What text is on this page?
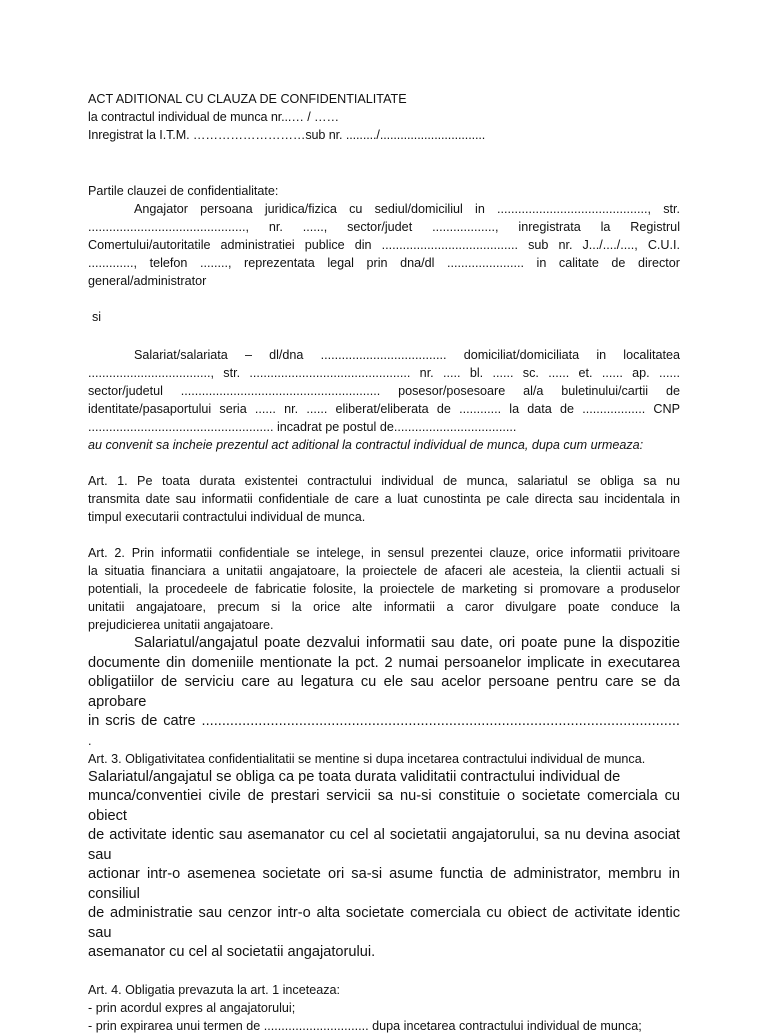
ACT ADITIONAL CU CLAUZA DE CONFIDENTIALITATE
la contractul individual de munca nr...… / ……
Inregistrat la I.T.M. ………………………sub nr. ........./...............................
Partile clauzei de confidentialitate:
Angajator persoana juridica/fizica cu sediul/domiciliul in ..........................................., str.
............................................., nr. ......, sector/judet .................., inregistrata la Registrul
Comertului/autoritatile administratiei publice din ....................................... sub nr. J.../..../...., C.U.I.
............., telefon ........, reprezentata legal prin dna/dl ...................... in calitate de director
general/administrator
si
Salariat/salariata – dl/dna .................................... domiciliat/domiciliata in localitatea
..................................., str. .............................................. nr. ..... bl. ...... sc. ...... et. ...... ap. ......
sector/judetul ......................................................... posesor/posesoare al/a buletinului/cartii de
identitate/pasaportului seria ...... nr. ...... eliberat/eliberata de ............ la data de .................. CNP
..................................................... incadrat pe postul de...................................
au convenit sa incheie prezentul act aditional la contractul individual de munca, dupa cum urmeaza:
Art. 1. Pe toata durata existentei contractului individual de munca, salariatul se obliga sa nu
transmita date sau informatii confidentiale de care a luat cunostinta pe cale directa sau incidentala in
timpul executarii contractului individual de munca.
Art. 2. Prin informatii confidentiale se intelege, in sensul prezentei clauze, orice informatii privitoare
la situatia financiara a unitatii angajatoare, la proiectele de afaceri ale acesteia, la clientii actuali si
potentiali, la procedeele de fabricatie folosite, la proiectele de marketing si promovare a produselor
unitatii angajatoare, precum si la orice alte informatii a caror divulgare poate conduce la
prejudicierea unitatii angajatoare.
Salariatul/angajatul poate dezvalui informatii sau date, ori poate pune la dispozitie
documente din domeniile mentionate la pct. 2 numai persoanelor implicate in executarea
obligatiilor de serviciu care au legatura cu ele sau acelor persoane pentru care se da aprobare
in scris de catre ......................................................................................................................
.
Art. 3. Obligativitatea confidentialitatii se mentine si dupa incetarea contractului individual de munca.
Salariatul/angajatul se obliga ca pe toata durata validitatii contractului individual de
munca/conventiei civile de prestari servicii sa nu-si constituie o societate comerciala cu obiect
de activitate identic sau asemanator cu cel al societatii angajatorului, sa nu devina asociat sau
actionar intr-o asemenea societate ori sa-si asume functia de administrator, membru in consiliul
de administratie sau cenzor intr-o alta societate comerciala cu obiect de activitate identic sau
asemanator cu cel al societatii angajatorului.
Art. 4. Obligatia prevazuta la art. 1 inceteaza:
- prin acordul expres al angajatorului;
- prin expirarea unui termen de .............................. dupa incetarea contractului individual de munca;
